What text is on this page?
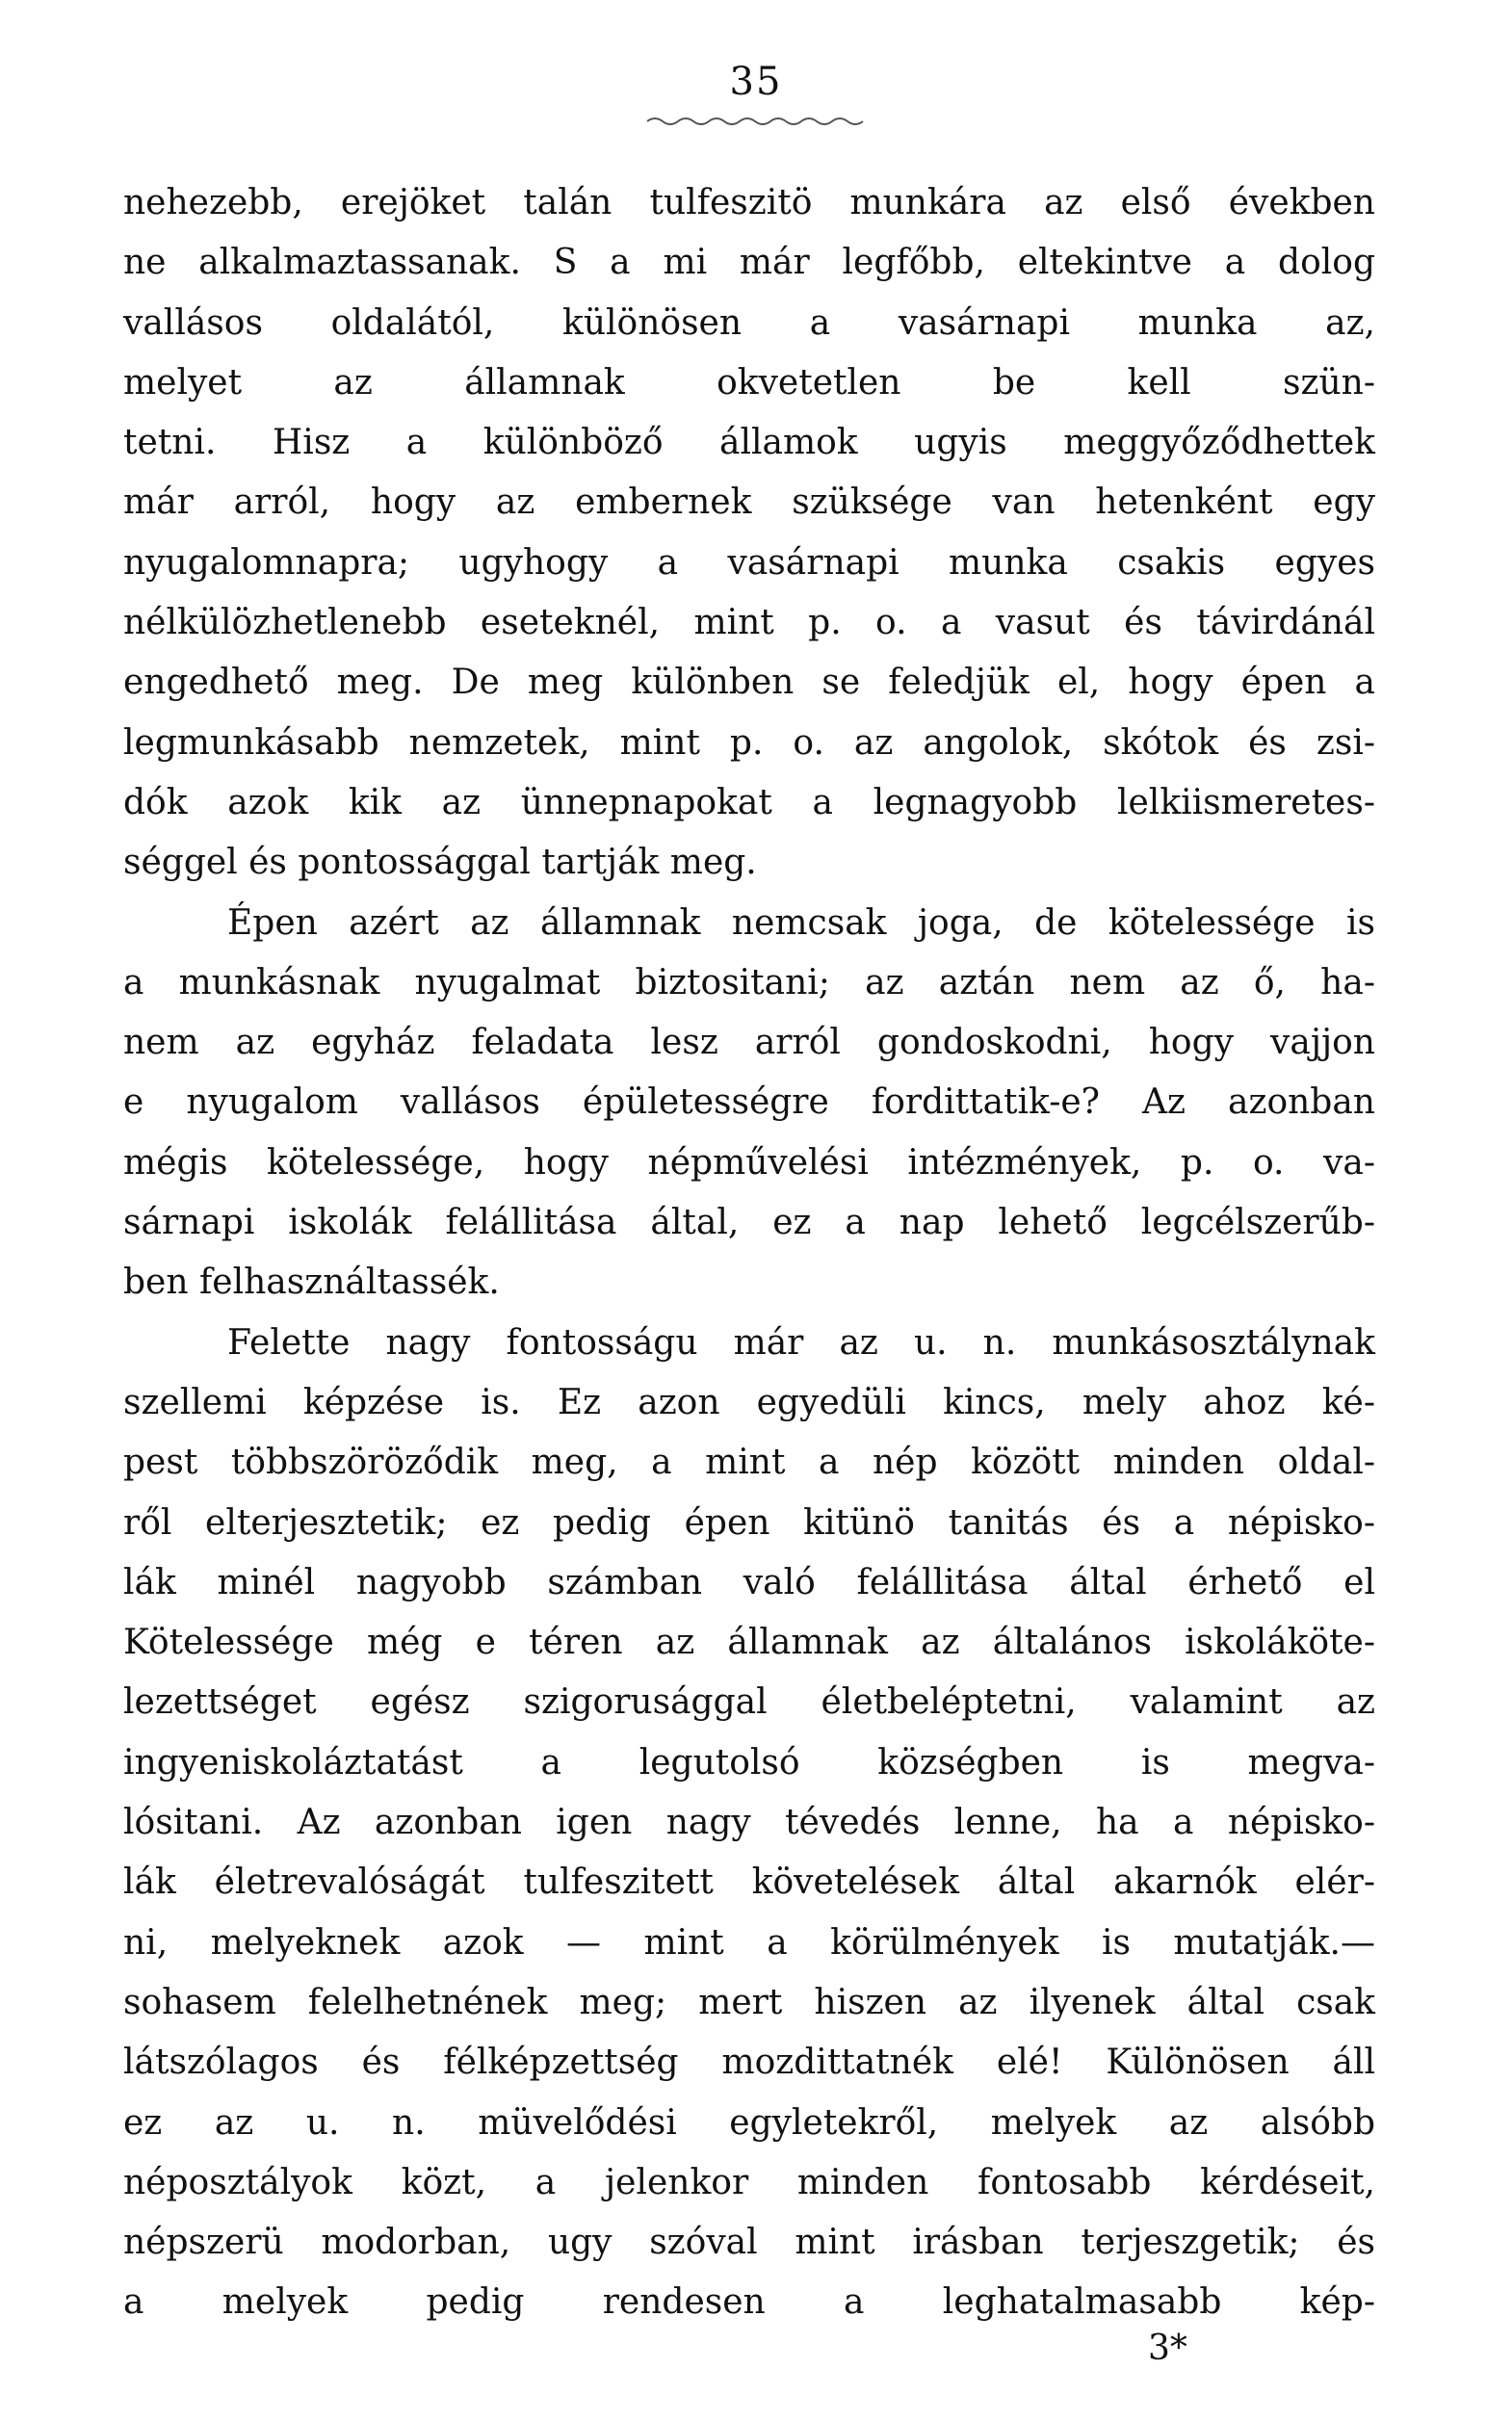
35
nehezebb, erejöket talán tulfeszitö munkára az első években
ne alkalmaztassanak. S a mi már legfőbb, eltekintve a dolog
vallásos oldalától, különösen a vasárnapi munka az,
melyet az államnak okvetetlen be kell szün-
tetni. Hisz a különböző államok ugyis meggyőződhettek
már arról, hogy az embernek szüksége van hetenként egy
nyugalomnapra; ugyhogy a vasárnapi munka csakis egyes
nélkülözhetlenebb eseteknél, mint p. o. a vasut és távirdánál
engedhető meg. De meg különben se feledjük el, hogy épen a
legmunkásabb nemzetek, mint p. o. az angolok, skótok és zsi-
dók azok kik az ünnepnapokat a legnagyobb lelkiismeretes-
séggel és pontossággal tartják meg.
Épen azért az államnak nemcsak joga, de kötelessége is
a munkásnak nyugalmat biztositani; az aztán nem az ő, ha-
nem az egyház feladata lesz arról gondoskodni, hogy vajjon
e nyugalom vallásos épületességre fordittatik-e? Az azonban
mégis kötelessége, hogy népművelési intézmények, p. o. va-
sárnapi iskolák felállitása által, ez a nap lehető legcélszerűb-
ben felhasználtassék.
Felette nagy fontosságu már az u. n. munkásosztálynak
szellemi képzése is. Ez azon egyedüli kincs, mely ahoz ké-
pest többszöröződik meg, a mint a nép között minden oldal-
ről elterjesztetik; ez pedig épen kitünö tanitás és a népisko-
lák minél nagyobb számban való felállitása által érhető el
Kötelessége még e téren az államnak az általános iskoláköte-
lezettséget egész szigorusággal életbeléptetni, valamint az
ingyeniskoláztatást a legutolsó községben is megva-
lósitani. Az azonban igen nagy tévedés lenne, ha a népisko-
lák életrevalóságát tulfeszitett követelések által akarnók elér-
ni, melyeknek azok — mint a körülmények is mutatják.—
sohasem felelhetnének meg; mert hiszen az ilyenek által csak
látszólagos és félképzettség mozdittatnék elé! Különösen áll
ez az u. n. müvelődési egyletekről, melyek az alsóbb
néposztályok közt, a jelenkor minden fontosabb kérdéseit,
népszerü modorban, ugy szóval mint irásban terjeszgetik; és
a melyek pedig rendesen a leghatalmasabb kép-
3*
